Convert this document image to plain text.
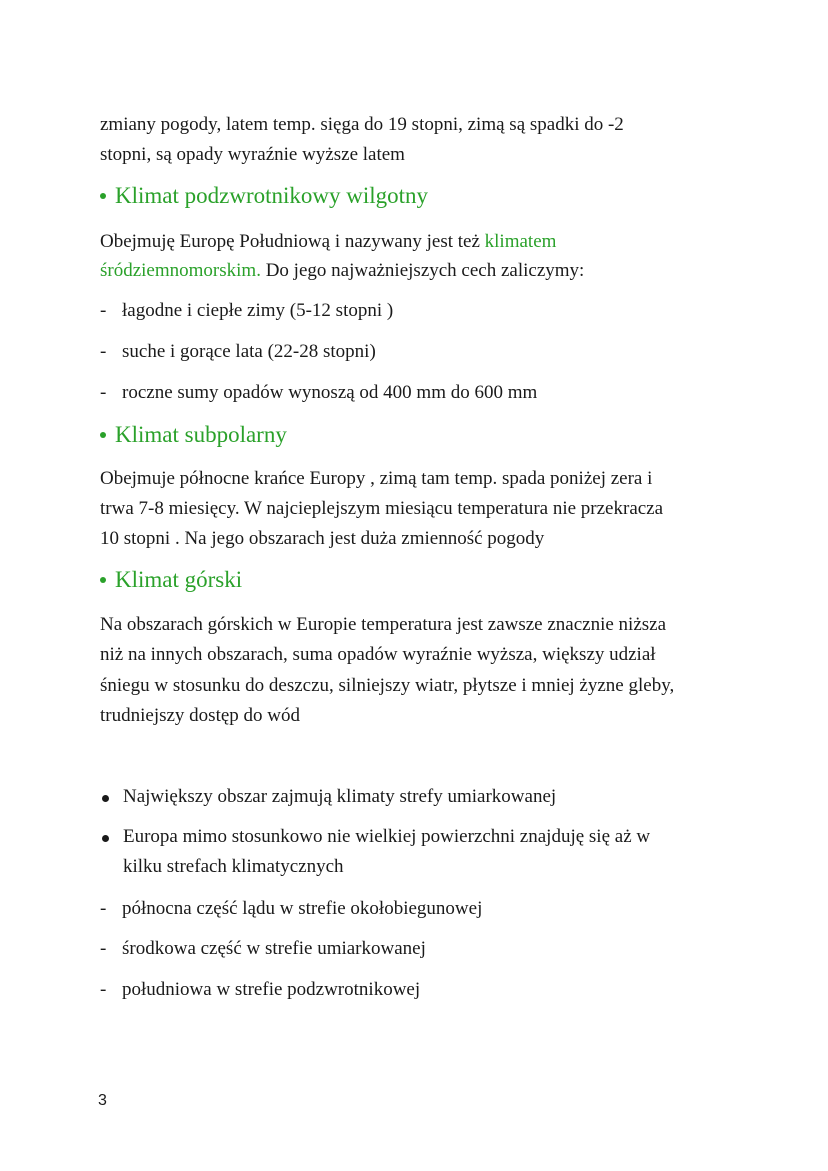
zmiany pogody, latem temp. sięga do 19 stopni, zimą są spadki do -2

stopni, są opady wyraźnie wyższe latem

Klimat podzwrotnikowy wilgotny

Obejmuję Europę Południową i nazywany jest też klimatem

śródziemnomorskim. Do jego najważniejszych cech zaliczymy:

- łagodne i ciepłe zimy (5-12 stopni )
- suche i gorące lata (22-28 stopni)
- roczne sumy opadów wynoszą od 400 mm do 600 mm

Klimat subpolarny

Obejmuje północne krańce Europy , zimą tam temp. spada poniżej zera i

trwa 7-8 miesięcy. W najcieplejszym miesiącu temperatura nie przekracza

10 stopni . Na jego obszarach jest duża zmienność pogody

Klimat górski

Na obszarach górskich w Europie temperatura jest zawsze znacznie niższa

niż na innych obszarach, suma opadów wyraźnie wyższa, większy udział

śniegu w stosunku do deszczu, silniejszy wiatr, płytsze i mniej żyzne gleby,

trudniejszy dostęp do wód

Największy obszar zajmują klimaty strefy umiarkowanej
Europa mimo stosunkowo nie wielkiej powierzchni znajduję się aż w
kilku strefach klimatycznych
- północna część lądu w strefie okołobiegunowej
- środkowa część w strefie umiarkowanej
- południowa w strefie podzwrotnikowej
3
